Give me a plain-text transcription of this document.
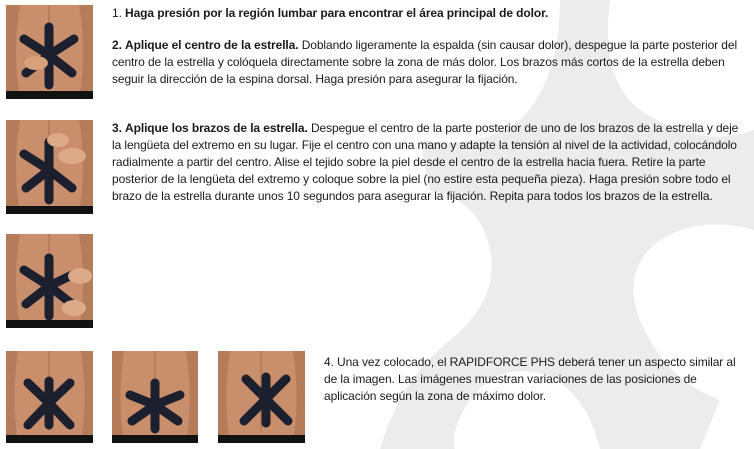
1. Haga presión por la región lumbar para encontrar el área principal de dolor.

2. Aplique el centro de la estrella. Doblando ligeramente la espalda (sin causar dolor), despegue la parte posterior del centro de la estrella y colóquela directamente sobre la zona de más dolor. Los brazos más cortos de la estrella deben seguir la dirección de la espina dorsal. Haga presión para asegurar la fijación.

3. Aplique los brazos de la estrella. Despegue el centro de la parte posterior de uno de los brazos de la estrella y deje la lengüeta del extremo en su lugar. Fije el centro con una mano y adapte la tensión al nivel de la actividad, colocándolo radialmente a partir del centro. Alise el tejido sobre la piel desde el centro de la estrella hacia fuera. Retire la parte posterior de la lengüeta del extremo y coloque sobre la piel (no estire esta pequeña pieza). Haga presión sobre todo el brazo de la estrella durante unos 10 segundos para asegurar la fijación. Repita para todos los brazos de la estrella.

4. Una vez colocado, el RAPIDFORCE PHS deberá tener un aspecto similar al de la imagen. Las imágenes muestran variaciones de las posiciones de aplicación según la zona de máximo dolor.
